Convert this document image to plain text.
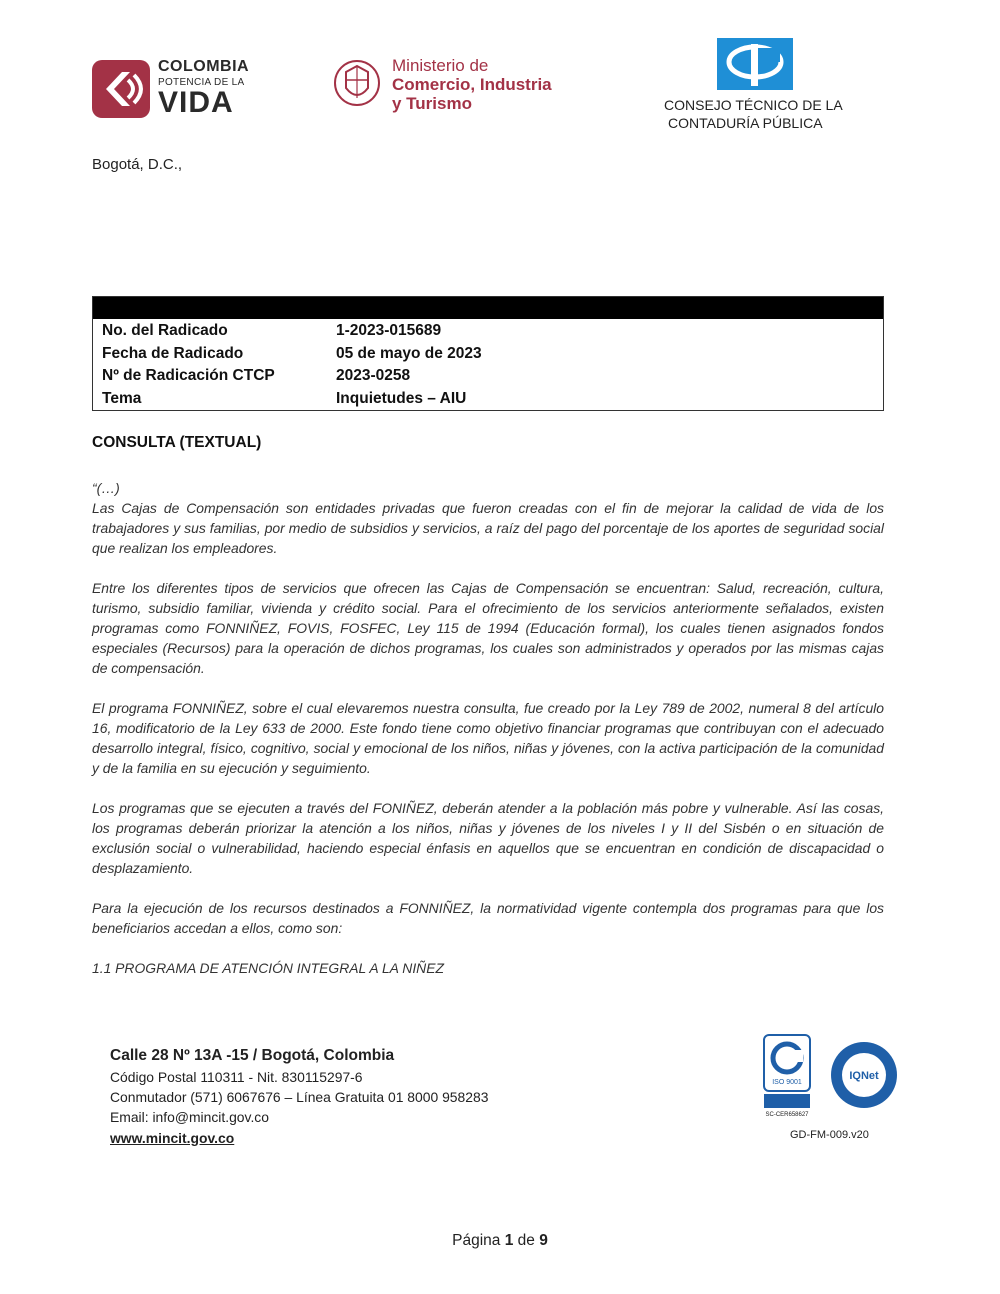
COLOMBIA
POTENCIA DE LA
VIDA
Ministerio de
Comercio, Industria
y Turismo	CONSEJO TÉCNICO DE LA
CONTADURÍA PÚBLICA
Bogotá, D.C.,
No. del Radicado	1-2023-015689
Fecha de Radicado	05 de mayo de 2023
Nº de Radicación CTCP	2023-0258
Tema	Inquietudes – AIU
CONSULTA (TEXTUAL)

“(…)

Las Cajas de Compensación son entidades privadas que fueron creadas con el fin de mejorar la calidad de vida de los trabajadores y sus familias, por medio de subsidios y servicios, a raíz del pago del porcentaje de los aportes de seguridad social que realizan los empleadores.

Entre los diferentes tipos de servicios que ofrecen las Cajas de Compensación se encuentran: Salud, recreación, cultura, turismo, subsidio familiar, vivienda y crédito social. Para el ofrecimiento de los servicios anteriormente señalados, existen programas como FONNIÑEZ, FOVIS, FOSFEC, Ley 115 de 1994 (Educación formal), los cuales tienen asignados fondos especiales (Recursos) para la operación de dichos programas, los cuales son administrados y operados por las mismas cajas de compensación.

El programa FONNIÑEZ, sobre el cual elevaremos nuestra consulta, fue creado por la Ley 789 de 2002, numeral 8 del artículo 16, modificatorio de la Ley 633 de 2000. Este fondo tiene como objetivo financiar programas que contribuyan con el adecuado desarrollo integral, físico, cognitivo, social y emocional de los niños, niñas y jóvenes, con la activa participación de la comunidad y de la familia en su ejecución y seguimiento.

Los programas que se ejecuten a través del FONIÑEZ, deberán atender a la población más pobre y vulnerable. Así las cosas, los programas deberán priorizar la atención a los niños, niñas y jóvenes de los niveles I y II del Sisbén o en situación de exclusión social o vulnerabilidad, haciendo especial énfasis en aquellos que se encuentran en condición de discapacidad o desplazamiento.

Para la ejecución de los recursos destinados a FONNIÑEZ, la normatividad vigente contempla dos programas para que los beneficiarios accedan a ellos, como son:

1.1 PROGRAMA DE ATENCIÓN INTEGRAL A LA NIÑEZ

Calle 28 Nº 13A -15 / Bogotá, Colombia
Código Postal 110311 - Nit. 830115297-6
Conmutador (571) 6067676 – Línea Gratuita 01 8000 958283
Email: info@mincit.gov.co
www.mincit.gov.co
ISO 9001
SC-CER658627
IQNet
GD-FM-009.v20
Página 1 de 9
